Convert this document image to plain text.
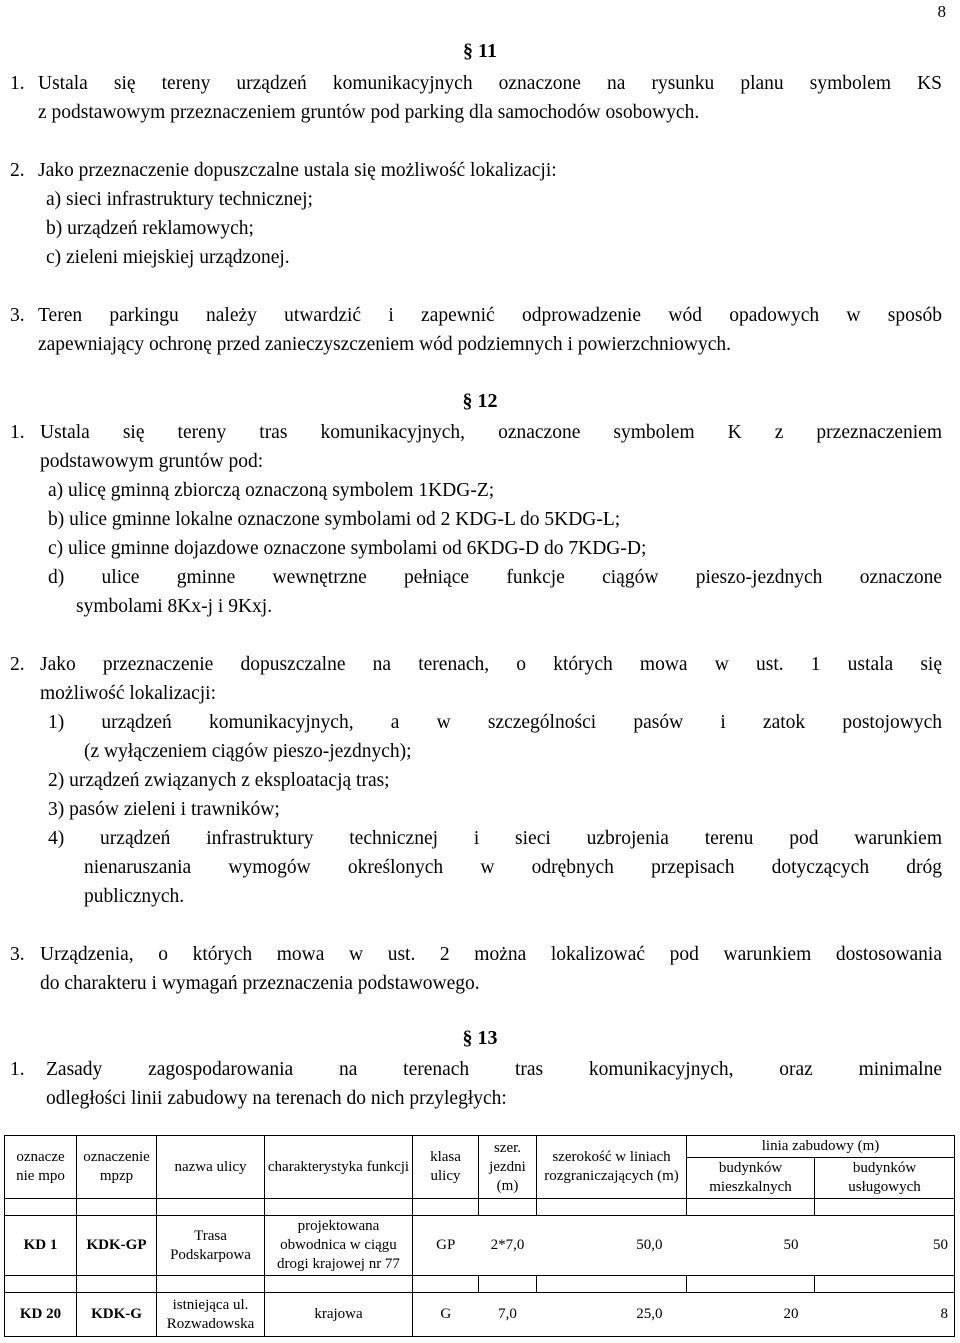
8
§ 11
1. Ustala się tereny urządzeń komunikacyjnych oznaczone na rysunku planu symbolem KS
z podstawowym przeznaczeniem gruntów pod parking dla samochodów osobowych.
2. Jako przeznaczenie dopuszczalne ustala się możliwość lokalizacji:
a) sieci infrastruktury technicznej;
b) urządzeń reklamowych;
c) zieleni miejskiej urządzonej.
3. Teren parkingu należy utwardzić i zapewnić odprowadzenie wód opadowych w sposób
zapewniający ochronę przed zanieczyszczeniem wód podziemnych i powierzchniowych.
§ 12
1. Ustala się tereny tras komunikacyjnych, oznaczone symbolem K z przeznaczeniem
podstawowym gruntów pod:
a) ulicę gminną zbiorczą oznaczoną symbolem 1KDG-Z;
b) ulice gminne lokalne oznaczone symbolami od 2 KDG-L do 5KDG-L;
c) ulice gminne dojazdowe oznaczone symbolami od 6KDG-D do 7KDG-D;
d) ulice gminne wewnętrzne pełniące funkcje ciągów pieszo-jezdnych oznaczone
symbolami 8Kx-j i 9Kxj.
2. Jako przeznaczenie dopuszczalne na terenach, o których mowa w ust. 1 ustala się
możliwość lokalizacji:
1) urządzeń komunikacyjnych, a w szczególności pasów i zatok postojowych
(z wyłączeniem ciągów pieszo-jezdnych);
2) urządzeń związanych z eksploatacją tras;
3) pasów zieleni i trawników;
4) urządzeń infrastruktury technicznej i sieci uzbrojenia terenu pod warunkiem
nienaruszania wymogów określonych w odrębnych przepisach dotyczących dróg
publicznych.
3. Urządzenia, o których mowa w ust. 2 można lokalizować pod warunkiem dostosowania
do charakteru i wymagań przeznaczenia podstawowego.
§ 13
1. Zasady zagospodarowania na terenach tras komunikacyjnych, oraz minimalne
odległości linii zabudowy na terenach do nich przyległych:
oznacze nie mpo	oznaczenie mpzp	nazwa ulicy	charakterystyka funkcji	klasa ulicy	szer. jezdni (m)	szerokość w liniach rozgraniczających (m)	linia zabudowy (m)	
							budynków mieszkalnych	budynków usługowych

KD 1	KDK-GP	Trasa Podskarpowa	projektowana obwodnica w ciągu drogi krajowej nr 77	GP	2*7,0	50,0	50	50

KD 20	KDK-G	istniejąca ul. Rozwadowska	krajowa	G	7,0	25,0	20	8
